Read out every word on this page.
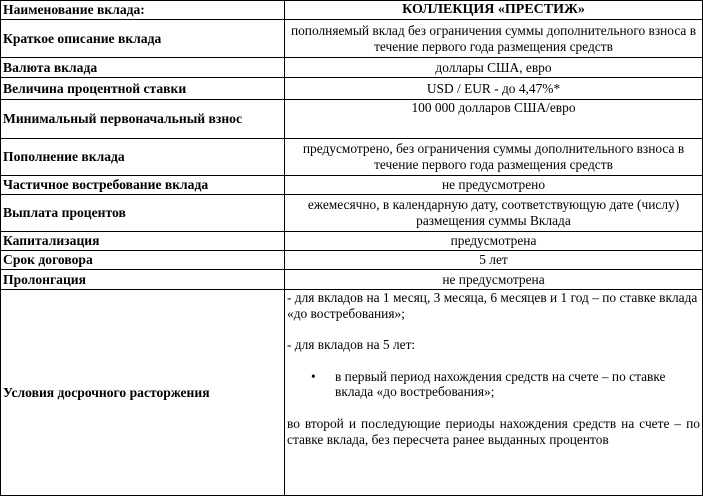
Наименование вклада:	КОЛЛЕКЦИЯ «ПРЕСТИЖ»
Краткое описание вклада	пополняемый вклад без ограничения суммы дополнительного взноса в течение первого года размещения средств
Валюта вклада	доллары США, евро
Величина процентной ставки	USD / EUR - до 4,47%*
Минимальный первоначальный взнос	100 000 долларов США/евро
Пополнение вклада	предусмотрено, без ограничения суммы дополнительного взноса в течение первого года размещения средств
Частичное востребование вклада	не предусмотрено
Выплата процентов	ежемесячно, в календарную дату, соответствующую дате (числу) размещения суммы Вклада
Капитализация	предусмотрена
Срок договора	5 лет
Пролонгация	не предусмотрена
Условия досрочного расторжения	- для вкладов на 1 месяц, 3 месяца, 6 месяцев и 1 год – по ставке вклада «до востребования»;

- для вкладов на 5 лет:

• в первый период нахождения средств на счете – по ставке вклада «до востребования»;

во второй и последующие периоды нахождения средств на счете – по ставке вклада, без пересчета ранее выданных процентов
